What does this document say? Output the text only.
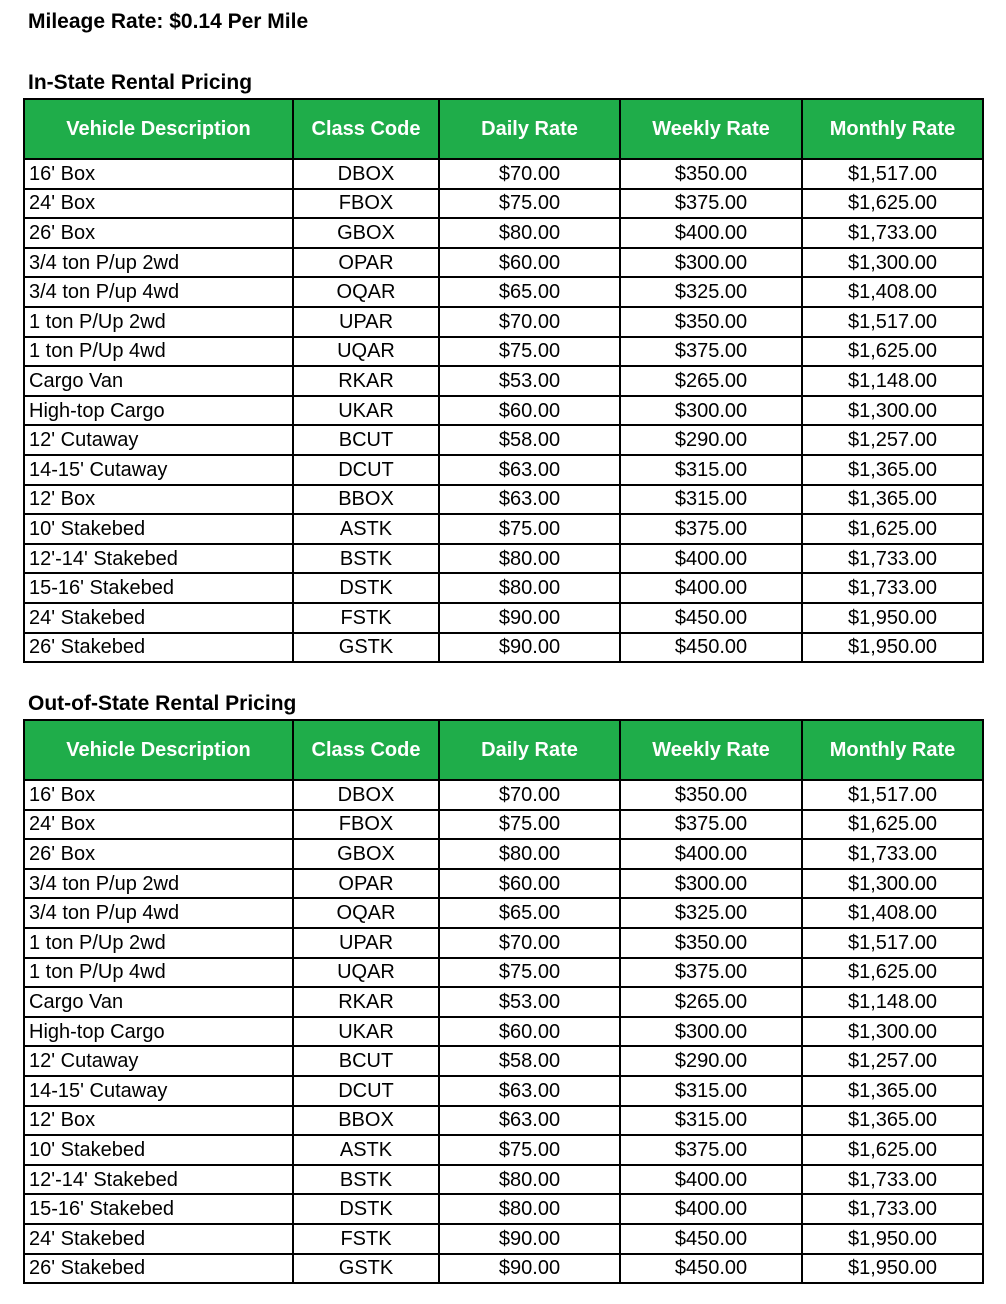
Mileage Rate: $0.14 Per Mile
In-State Rental Pricing
Vehicle Description	Class Code	Daily Rate	Weekly Rate	Monthly Rate
16' Box	DBOX	$70.00	$350.00	$1,517.00
24' Box	FBOX	$75.00	$375.00	$1,625.00
26' Box	GBOX	$80.00	$400.00	$1,733.00
3/4 ton P/up 2wd	OPAR	$60.00	$300.00	$1,300.00
3/4 ton P/up 4wd	OQAR	$65.00	$325.00	$1,408.00
1 ton P/Up 2wd	UPAR	$70.00	$350.00	$1,517.00
1 ton P/Up 4wd	UQAR	$75.00	$375.00	$1,625.00
Cargo Van	RKAR	$53.00	$265.00	$1,148.00
High-top Cargo	UKAR	$60.00	$300.00	$1,300.00
12' Cutaway	BCUT	$58.00	$290.00	$1,257.00
14-15' Cutaway	DCUT	$63.00	$315.00	$1,365.00
12' Box	BBOX	$63.00	$315.00	$1,365.00
10' Stakebed	ASTK	$75.00	$375.00	$1,625.00
12'-14' Stakebed	BSTK	$80.00	$400.00	$1,733.00
15-16' Stakebed	DSTK	$80.00	$400.00	$1,733.00
24' Stakebed	FSTK	$90.00	$450.00	$1,950.00
26' Stakebed	GSTK	$90.00	$450.00	$1,950.00
Out-of-State Rental Pricing
Vehicle Description	Class Code	Daily Rate	Weekly Rate	Monthly Rate
16' Box	DBOX	$70.00	$350.00	$1,517.00
24' Box	FBOX	$75.00	$375.00	$1,625.00
26' Box	GBOX	$80.00	$400.00	$1,733.00
3/4 ton P/up 2wd	OPAR	$60.00	$300.00	$1,300.00
3/4 ton P/up 4wd	OQAR	$65.00	$325.00	$1,408.00
1 ton P/Up 2wd	UPAR	$70.00	$350.00	$1,517.00
1 ton P/Up 4wd	UQAR	$75.00	$375.00	$1,625.00
Cargo Van	RKAR	$53.00	$265.00	$1,148.00
High-top Cargo	UKAR	$60.00	$300.00	$1,300.00
12' Cutaway	BCUT	$58.00	$290.00	$1,257.00
14-15' Cutaway	DCUT	$63.00	$315.00	$1,365.00
12' Box	BBOX	$63.00	$315.00	$1,365.00
10' Stakebed	ASTK	$75.00	$375.00	$1,625.00
12'-14' Stakebed	BSTK	$80.00	$400.00	$1,733.00
15-16' Stakebed	DSTK	$80.00	$400.00	$1,733.00
24' Stakebed	FSTK	$90.00	$450.00	$1,950.00
26' Stakebed	GSTK	$90.00	$450.00	$1,950.00
